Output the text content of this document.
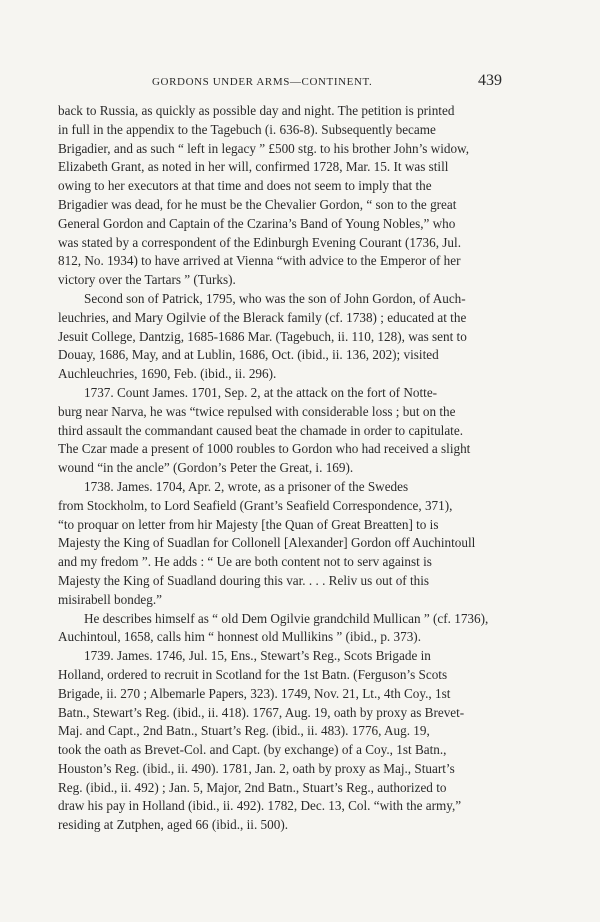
GORDONS UNDER ARMS—CONTINENT.	439
back to Russia, as quickly as possible day and night. The petition is printed
in full in the appendix to the Tagebuch (i. 636-8). Subsequently became
Brigadier, and as such “ left in legacy ” £500 stg. to his brother John’s widow,
Elizabeth Grant, as noted in her will, confirmed 1728, Mar. 15. It was still
owing to her executors at that time and does not seem to imply that the
Brigadier was dead, for he must be the Chevalier Gordon, “ son to the great
General Gordon and Captain of the Czarina’s Band of Young Nobles,” who
was stated by a correspondent of the Edinburgh Evening Courant (1736, Jul.
812, No. 1934) to have arrived at Vienna “with advice to the Emperor of her
victory over the Tartars ” (Turks).
Second son of Patrick, 1795, who was the son of John Gordon, of Auch-
leuchries, and Mary Ogilvie of the Blerack family (cf. 1738) ; educated at the
Jesuit College, Dantzig, 1685-1686 Mar. (Tagebuch, ii. 110, 128), was sent to
Douay, 1686, May, and at Lublin, 1686, Oct. (ibid., ii. 136, 202); visited
Auchleuchries, 1690, Feb. (ibid., ii. 296).
1737. Count James. 1701, Sep. 2, at the attack on the fort of Notte-
burg near Narva, he was “twice repulsed with considerable loss ; but on the
third assault the commandant caused beat the chamade in order to capitulate.
The Czar made a present of 1000 roubles to Gordon who had received a slight
wound “in the ancle” (Gordon’s Peter the Great, i. 169).
1738. James. 1704, Apr. 2, wrote, as a prisoner of the Swedes
from Stockholm, to Lord Seafield (Grant’s Seafield Correspondence, 371),
“to proquar on letter from hir Majesty [the Quan of Great Breatten] to is
Majesty the King of Suadlan for Collonell [Alexander] Gordon off Auchintoull
and my fredom ”. He adds : “ Ue are both content not to serv against is
Majesty the King of Suadland douring this var. . . . Reliv us out of this
misirabell bondeg.”
He describes himself as “ old Dem Ogilvie grandchild Mullican ” (cf. 1736),
Auchintoul, 1658, calls him “ honnest old Mullikins ” (ibid., p. 373).
1739. James. 1746, Jul. 15, Ens., Stewart’s Reg., Scots Brigade in
Holland, ordered to recruit in Scotland for the 1st Batn. (Ferguson’s Scots
Brigade, ii. 270 ; Albemarle Papers, 323). 1749, Nov. 21, Lt., 4th Coy., 1st
Batn., Stewart’s Reg. (ibid., ii. 418). 1767, Aug. 19, oath by proxy as Brevet-
Maj. and Capt., 2nd Batn., Stuart’s Reg. (ibid., ii. 483). 1776, Aug. 19,
took the oath as Brevet-Col. and Capt. (by exchange) of a Coy., 1st Batn.,
Houston’s Reg. (ibid., ii. 490). 1781, Jan. 2, oath by proxy as Maj., Stuart’s
Reg. (ibid., ii. 492) ; Jan. 5, Major, 2nd Batn., Stuart’s Reg., authorized to
draw his pay in Holland (ibid., ii. 492). 1782, Dec. 13, Col. “with the army,”
residing at Zutphen, aged 66 (ibid., ii. 500).
